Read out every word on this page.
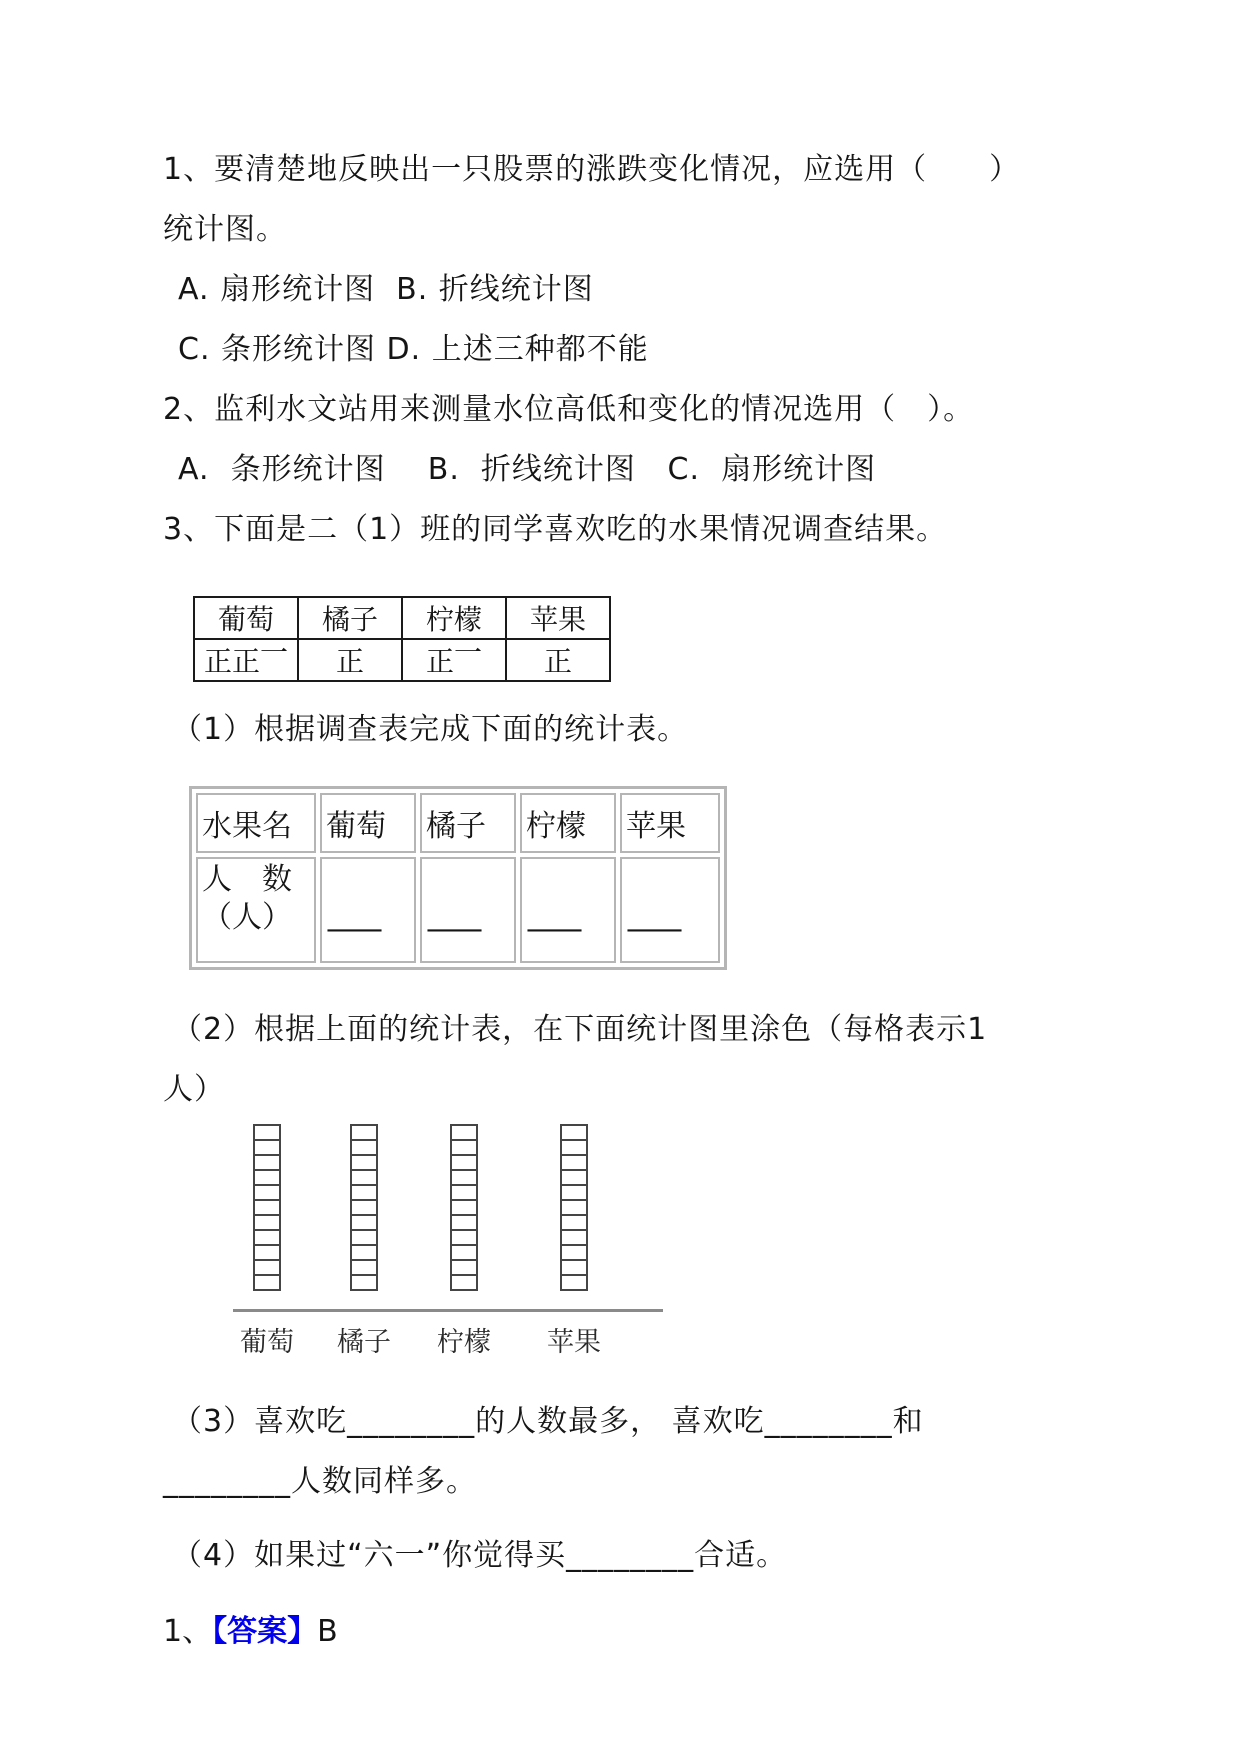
1、要清楚地反映出一只股票的涨跌变化情况，应选用（　　）
统计图。
A. 扇形统计图  B. 折线统计图
C. 条形统计图 D. 上述三种都不能
2、监利水文站用来测量水位高低和变化的情况选用（　）。
A.  条形统计图    B.  折线统计图   C.  扇形统计图
3、下面是二（1）班的同学喜欢吃的水果情况调查结果。
葡萄	橘子	柠檬	苹果
正正一	正	正一	正
（1）根据调查表完成下面的统计表。
水果名	葡萄	橘子	柠檬	苹果
人　数（人）	——	——	——	——
（2）根据上面的统计表，在下面统计图里涂色（每格表示1
人）
葡萄	橘子	柠檬	苹果
（3）喜欢吃________的人数最多， 喜欢吃________和
________人数同样多。
（4）如果过“六一”你觉得买________合适。
1、【答案】B
